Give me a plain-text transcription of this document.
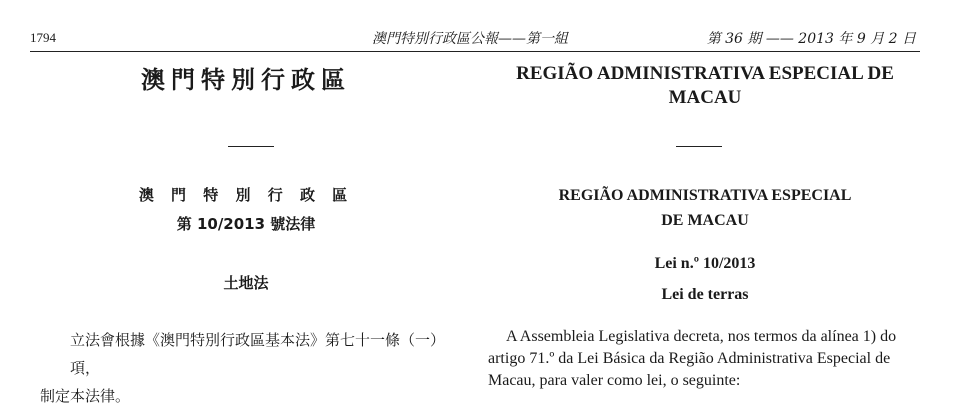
1794	澳門特別行政區公報——第一組	第 36 期 —— 2013 年 9 月 2 日
澳門特別行政區	REGIÃO ADMINISTRATIVA ESPECIAL DE MACAU
澳 門 特 別 行 政 區
第 10/2013 號法律
土地法
REGIÃO ADMINISTRATIVA ESPECIAL
DE MACAU
Lei n.º 10/2013
Lei de terras
立法會根據《澳門特別行政區基本法》第七十一條（一）項，
制定本法律。
A Assembleia Legislativa decreta, nos termos da alínea 1) do
artigo 71.º da Lei Básica da Região Administrativa Especial de
Macau, para valer como lei, o seguinte:
